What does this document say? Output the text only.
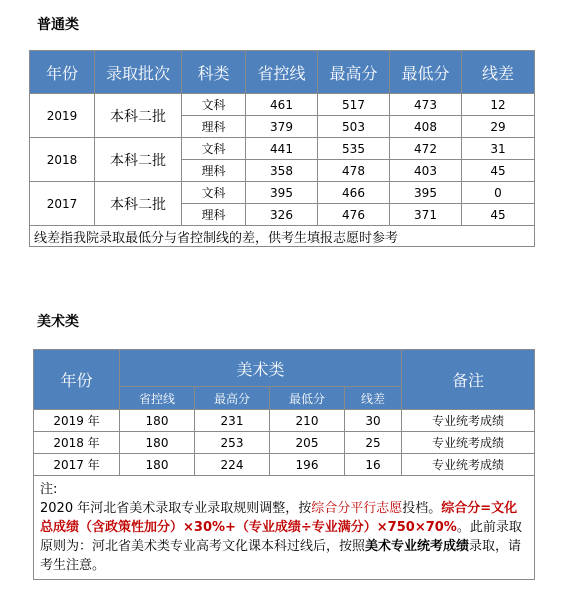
普通类
年份	录取批次	科类	省控线	最高分	最低分	线差
2019	本科二批	文科	461	517	473	12
		理科	379	503	408	29
2018	本科二批	文科	441	535	472	31
		理科	358	478	403	45
2017	本科二批	文科	395	466	395	0
		理科	326	476	371	45
线差指我院录取最低分与省控制线的差，供考生填报志愿时参考						
美术类
年份	美术类				备注
	省控线	最高分	最低分	线差	
2019 年	180	231	210	30	专业统考成绩
2018 年	180	253	205	25	专业统考成绩
2017 年	180	224	196	16	专业统考成绩

注:
2020 年河北省美术录取专业录取规则调整，按综合分平行志愿投档。综合分=文化总成绩（含政策性加分）×30%+（专业成绩÷专业满分）×750×70%。此前录取原则为：河北省美术类专业高考文化课本科过线后，按照美术专业统考成绩录取，请考生注意。					
